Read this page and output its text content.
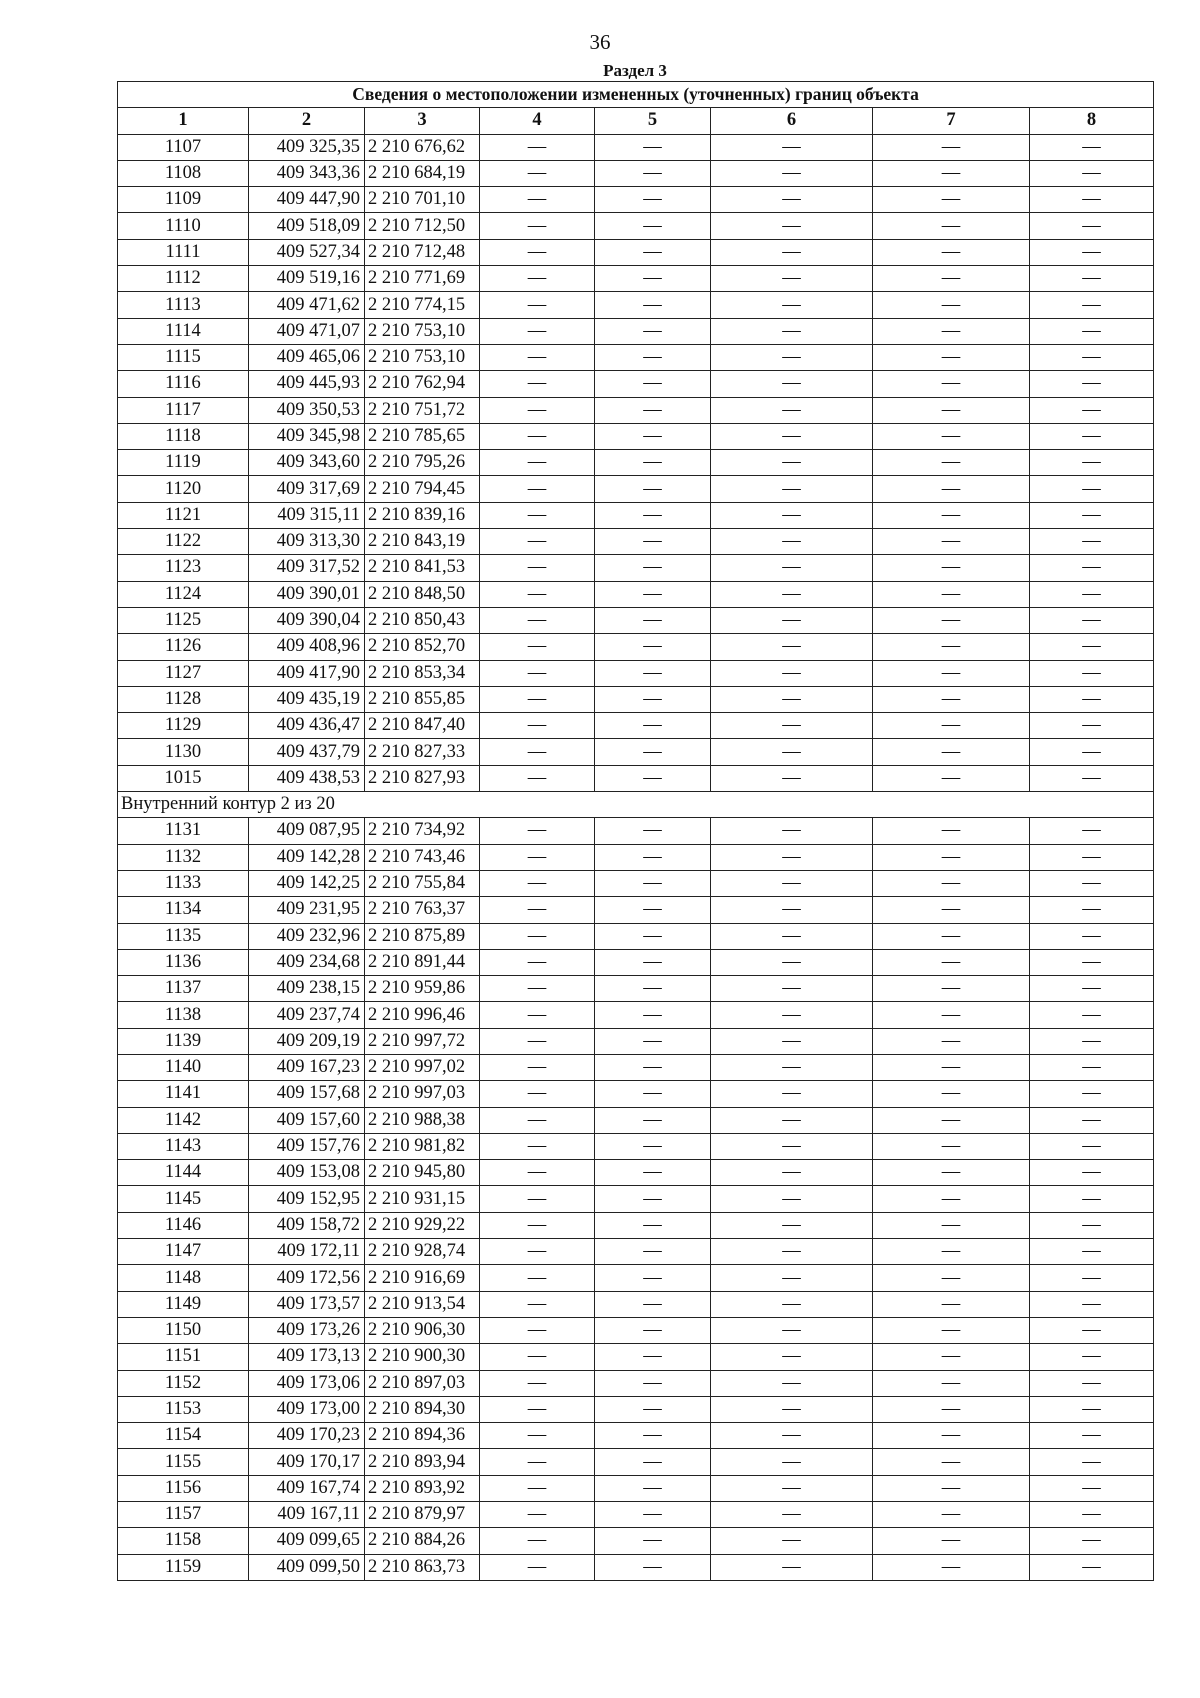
36
Раздел 3
Сведения о местоположении измененных (уточненных) границ объекта							
1	2	3	4	5	6	7	8
1107	409 325,35	2 210 676,62	—	—	—	—	—
1108	409 343,36	2 210 684,19	—	—	—	—	—
1109	409 447,90	2 210 701,10	—	—	—	—	—
1110	409 518,09	2 210 712,50	—	—	—	—	—
1111	409 527,34	2 210 712,48	—	—	—	—	—
1112	409 519,16	2 210 771,69	—	—	—	—	—
1113	409 471,62	2 210 774,15	—	—	—	—	—
1114	409 471,07	2 210 753,10	—	—	—	—	—
1115	409 465,06	2 210 753,10	—	—	—	—	—
1116	409 445,93	2 210 762,94	—	—	—	—	—
1117	409 350,53	2 210 751,72	—	—	—	—	—
1118	409 345,98	2 210 785,65	—	—	—	—	—
1119	409 343,60	2 210 795,26	—	—	—	—	—
1120	409 317,69	2 210 794,45	—	—	—	—	—
1121	409 315,11	2 210 839,16	—	—	—	—	—
1122	409 313,30	2 210 843,19	—	—	—	—	—
1123	409 317,52	2 210 841,53	—	—	—	—	—
1124	409 390,01	2 210 848,50	—	—	—	—	—
1125	409 390,04	2 210 850,43	—	—	—	—	—
1126	409 408,96	2 210 852,70	—	—	—	—	—
1127	409 417,90	2 210 853,34	—	—	—	—	—
1128	409 435,19	2 210 855,85	—	—	—	—	—
1129	409 436,47	2 210 847,40	—	—	—	—	—
1130	409 437,79	2 210 827,33	—	—	—	—	—
1015	409 438,53	2 210 827,93	—	—	—	—	—
Внутренний контур 2 из 20							
1131	409 087,95	2 210 734,92	—	—	—	—	—
1132	409 142,28	2 210 743,46	—	—	—	—	—
1133	409 142,25	2 210 755,84	—	—	—	—	—
1134	409 231,95	2 210 763,37	—	—	—	—	—
1135	409 232,96	2 210 875,89	—	—	—	—	—
1136	409 234,68	2 210 891,44	—	—	—	—	—
1137	409 238,15	2 210 959,86	—	—	—	—	—
1138	409 237,74	2 210 996,46	—	—	—	—	—
1139	409 209,19	2 210 997,72	—	—	—	—	—
1140	409 167,23	2 210 997,02	—	—	—	—	—
1141	409 157,68	2 210 997,03	—	—	—	—	—
1142	409 157,60	2 210 988,38	—	—	—	—	—
1143	409 157,76	2 210 981,82	—	—	—	—	—
1144	409 153,08	2 210 945,80	—	—	—	—	—
1145	409 152,95	2 210 931,15	—	—	—	—	—
1146	409 158,72	2 210 929,22	—	—	—	—	—
1147	409 172,11	2 210 928,74	—	—	—	—	—
1148	409 172,56	2 210 916,69	—	—	—	—	—
1149	409 173,57	2 210 913,54	—	—	—	—	—
1150	409 173,26	2 210 906,30	—	—	—	—	—
1151	409 173,13	2 210 900,30	—	—	—	—	—
1152	409 173,06	2 210 897,03	—	—	—	—	—
1153	409 173,00	2 210 894,30	—	—	—	—	—
1154	409 170,23	2 210 894,36	—	—	—	—	—
1155	409 170,17	2 210 893,94	—	—	—	—	—
1156	409 167,74	2 210 893,92	—	—	—	—	—
1157	409 167,11	2 210 879,97	—	—	—	—	—
1158	409 099,65	2 210 884,26	—	—	—	—	—
1159	409 099,50	2 210 863,73	—	—	—	—	—
